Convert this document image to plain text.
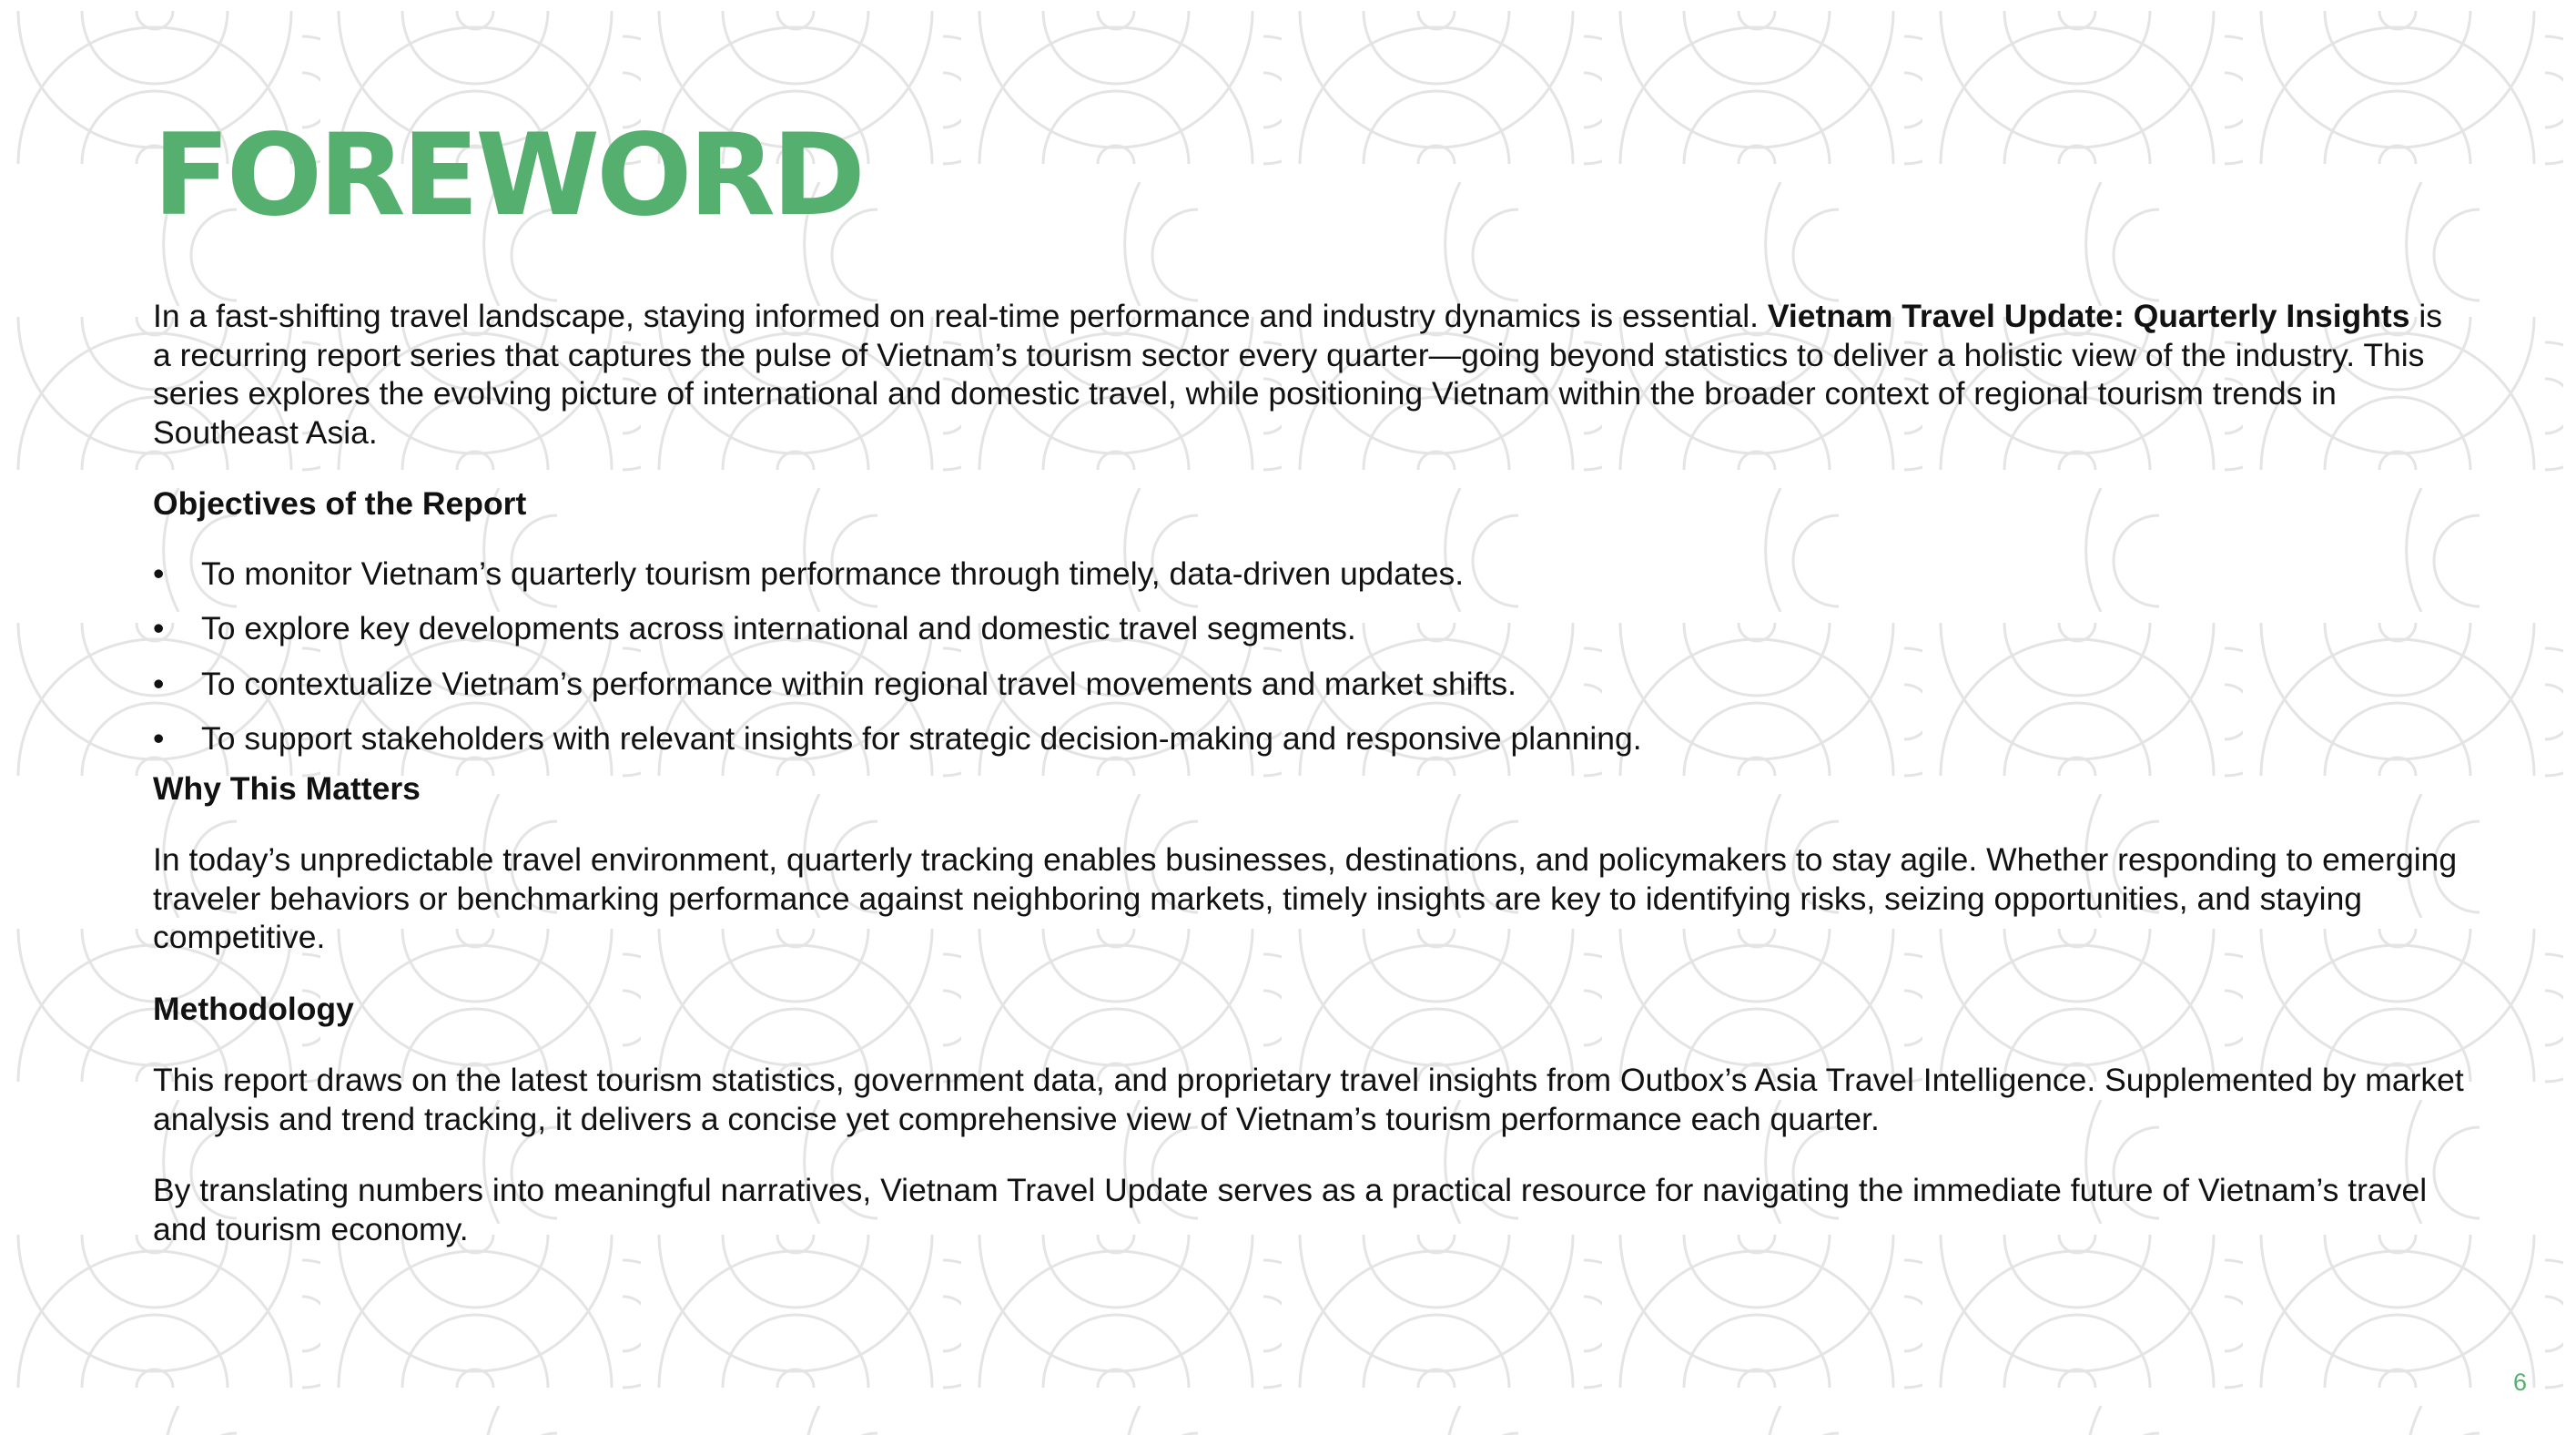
FOREWORD

In a fast-shifting travel landscape, staying informed on real-time performance and industry dynamics is essential. Vietnam Travel Update: Quarterly Insights is a recurring report series that captures the pulse of Vietnam’s tourism sector every quarter—going beyond statistics to deliver a holistic view of the industry. This series explores the evolving picture of international and domestic travel, while positioning Vietnam within the broader context of regional tourism trends in Southeast Asia.

Objectives of the Report

• To monitor Vietnam’s quarterly tourism performance through timely, data-driven updates.
• To explore key developments across international and domestic travel segments.
• To contextualize Vietnam’s performance within regional travel movements and market shifts.
• To support stakeholders with relevant insights for strategic decision-making and responsive planning.

Why This Matters

In today’s unpredictable travel environment, quarterly tracking enables businesses, destinations, and policymakers to stay agile. Whether responding to emerging traveler behaviors or benchmarking performance against neighboring markets, timely insights are key to identifying risks, seizing opportunities, and staying competitive.

Methodology

This report draws on the latest tourism statistics, government data, and proprietary travel insights from Outbox’s Asia Travel Intelligence. Supplemented by market analysis and trend tracking, it delivers a concise yet comprehensive view of Vietnam’s tourism performance each quarter.

By translating numbers into meaningful narratives, Vietnam Travel Update serves as a practical resource for navigating the immediate future of Vietnam’s travel and tourism economy.

6
